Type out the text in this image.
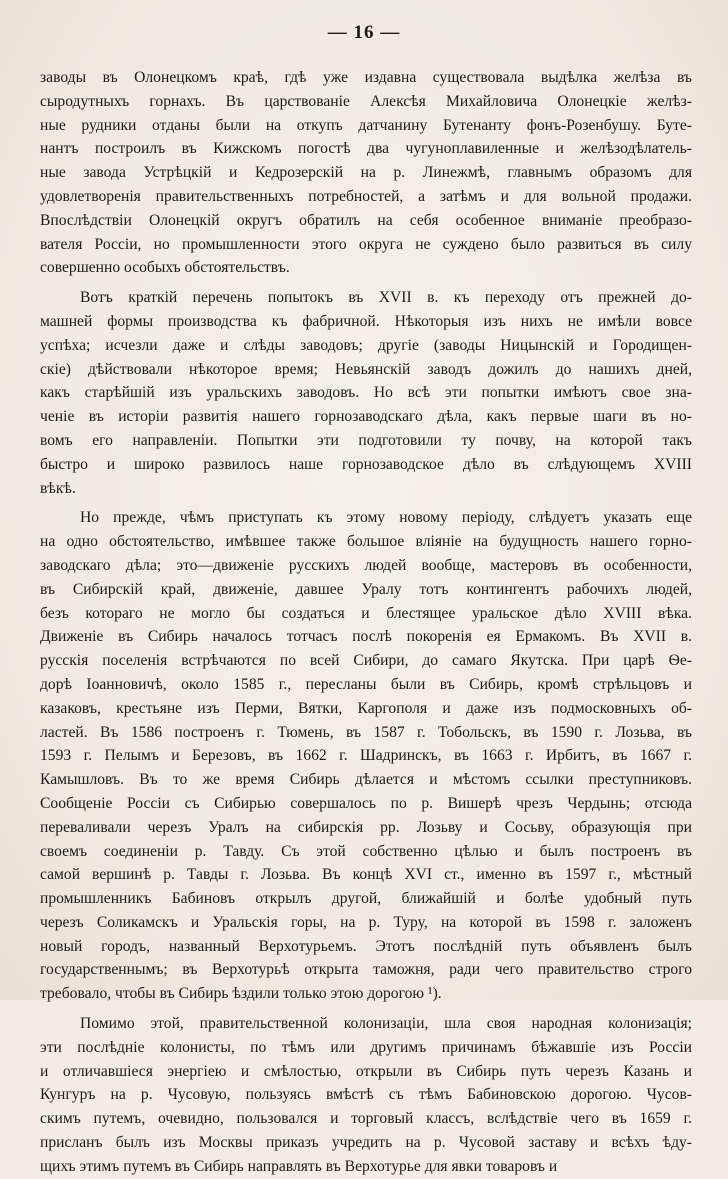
— 16 —
заводы въ Олонецкомъ краѣ, гдѣ уже издавна существовала выдѣлка желѣза въ
сыродутныхъ горнахъ. Въ царствованіе Алексѣя Михайловича Олонецкіе желѣз-
ные рудники отданы были на откупъ датчанину Бутенанту фонъ-Розенбушу. Буте-
нантъ построилъ въ Кижскомъ погостѣ два чугуноплавиленные и желѣзодѣлатель-
ные завода Устрѣцкій и Кедрозерскій на р. Линежмѣ, главнымъ образомъ для
удовлетворенія правительственныхъ потребностей, а затѣмъ и для вольной продажи.
Впослѣдствіи Олонецкій округъ обратилъ на себя особенное вниманіе преобразо-
вателя Россіи, но промышленности этого округа не суждено было развиться въ силу
совершенно особыхъ обстоятельствъ.
Вотъ краткій перечень попытокъ въ XVII в. къ переходу отъ прежней до-
машней формы производства къ фабричной. Нѣкоторыя изъ нихъ не имѣли вовсе
успѣха; исчезли даже и слѣды заводовъ; другіе (заводы Ницынскій и Городищен-
скіе) дѣйствовали нѣкоторое время; Невьянскій заводъ дожилъ до нашихъ дней,
какъ старѣйшій изъ уральскихъ заводовъ. Но всѣ эти попытки имѣютъ свое зна-
ченіе въ исторіи развитія нашего горнозаводскаго дѣла, какъ первые шаги въ но-
вомъ его направленіи. Попытки эти подготовили ту почву, на которой такъ
быстро и широко развилось наше горнозаводское дѣло въ слѣдующемъ XVIII
вѣкѣ.
Но прежде, чѣмъ приступать къ этому новому періоду, слѣдуетъ указать еще
на одно обстоятельство, имѣвшее также большое вліяніе на будущность нашего горно-
заводскаго дѣла; это—движеніе русскихъ людей вообще, мастеровъ въ особенности,
въ Сибирскій край, движеніе, давшее Уралу тотъ контингентъ рабочихъ людей,
безъ котораго не могло бы создаться и блестящее уральское дѣло XVIII вѣка.
Движеніе въ Сибирь началось тотчасъ послѣ покоренія ея Ермакомъ. Въ XVII в.
русскія поселенія встрѣчаются по всей Сибири, до самаго Якутска. При царѣ Ѳе-
дорѣ Іоанновичѣ, около 1585 г., пересланы были въ Сибирь, кромѣ стрѣльцовъ и
казаковъ, крестьяне изъ Перми, Вятки, Каргополя и даже изъ подмосковныхъ об-
ластей. Въ 1586 построенъ г. Тюмень, въ 1587 г. Тобольскъ, въ 1590 г. Лозьва, въ
1593 г. Пелымъ и Березовъ, въ 1662 г. Шадринскъ, въ 1663 г. Ирбитъ, въ 1667 г.
Камышловъ. Въ то же время Сибирь дѣлается и мѣстомъ ссылки преступниковъ.
Сообщеніе Россіи съ Сибирью совершалось по р. Вишерѣ чрезъ Чердынь; отсюда
переваливали черезъ Уралъ на сибирскія рр. Лозьву и Сосьву, образующія при
своемъ соединеніи р. Тавду. Съ этой собственно цѣлью и былъ построенъ въ
самой вершинѣ р. Тавды г. Лозьва. Въ концѣ XVI ст., именно въ 1597 г., мѣстный
промышленникъ Бабиновъ открылъ другой, ближайшій и болѣе удобный путь
черезъ Соликамскъ и Уральскія горы, на р. Туру, на которой въ 1598 г. заложенъ
новый городъ, названный Верхотурьемъ. Этотъ послѣдній путь объявленъ былъ
государственнымъ; въ Верхотурьѣ открыта таможня, ради чего правительство строго
требовало, чтобы въ Сибирь ѣздили только этою дорогою ¹).
Помимо этой, правительственной колонизаціи, шла своя народная колонизація;
эти послѣдніе колонисты, по тѣмъ или другимъ причинамъ бѣжавшіе изъ Россіи
и отличавшіеся энергіею и смѣлостью, открыли въ Сибирь путь черезъ Казань и
Кунгуръ на р. Чусовую, пользуясь вмѣстѣ съ тѣмъ Бабиновскою дорогою. Чусов-
скимъ путемъ, очевидно, пользовался и торговый классъ, вслѣдствіе чего въ 1659 г.
присланъ былъ изъ Москвы приказъ учредить на р. Чусовой заставу и всѣхъ ѣду-
щихъ этимъ путемъ въ Сибирь направлять въ Верхотурье для явки товаровъ и
